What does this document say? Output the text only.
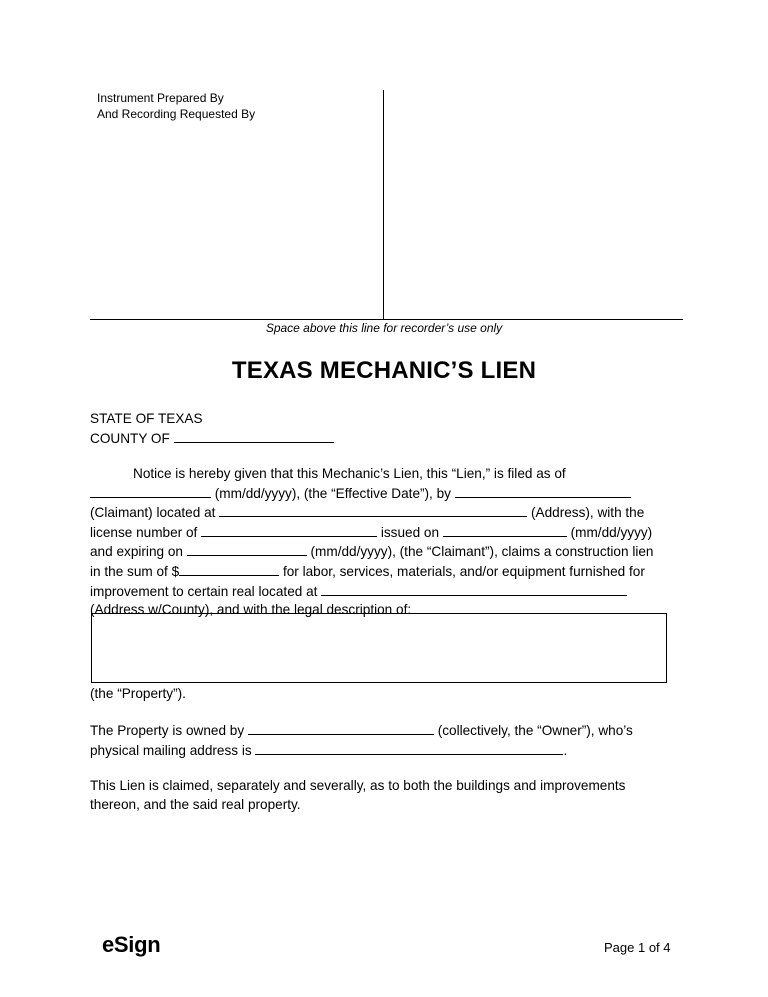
Instrument Prepared By
And Recording Requested By
Space above this line for recorder’s use only
TEXAS MECHANIC’S LIEN
STATE OF TEXAS
COUNTY OF
Notice is hereby given that this Mechanic’s Lien, this “Lien,” is filed as of
(mm/dd/yyyy), (the “Effective Date”), by
(Claimant) located at	(Address), with the
license number of	issued on	(mm/dd/yyyy)
and expiring on	(mm/dd/yyyy), (the “Claimant”), claims a construction lien
in the sum of $	for labor, services, materials, and/or equipment furnished for
improvement to certain real located at
(Address w/County), and with the legal description of:
(the “Property”).
The Property is owned by	(collectively, the “Owner”), who’s
physical mailing address is	.
This Lien is claimed, separately and severally, as to both the buildings and improvements
thereon, and the said real property.
eSign	Page 1 of 4
